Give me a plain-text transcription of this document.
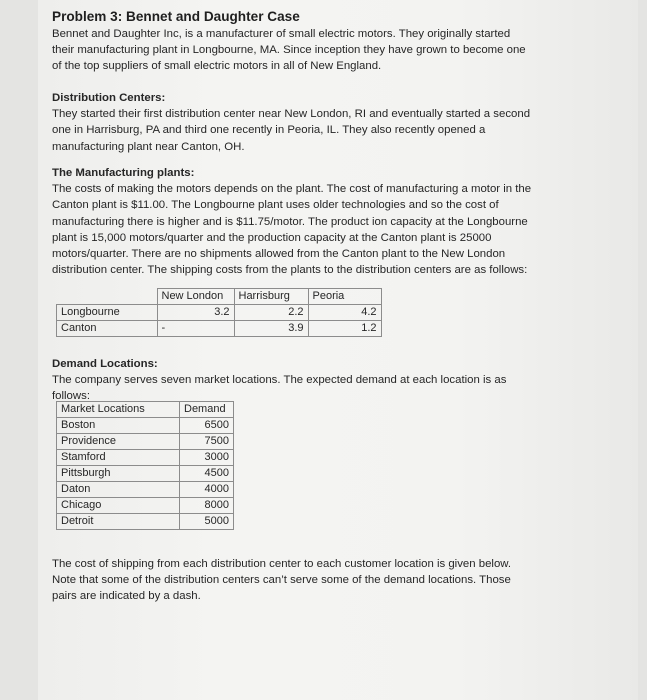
Problem 3: Bennet and Daughter Case
Bennet and Daughter Inc, is a manufacturer of small electric motors. They originally started
their manufacturing plant in Longbourne, MA. Since inception they have grown to become one
of the top suppliers of small electric motors in all of New England.
Distribution Centers:
They started their first distribution center near New London, RI and eventually started a second
one in Harrisburg, PA and third one recently in Peoria, IL. They also recently opened a
manufacturing plant near Canton, OH.
The Manufacturing plants:
The costs of making the motors depends on the plant. The cost of manufacturing a motor in the
Canton plant is $11.00. The Longbourne plant uses older technologies and so the cost of
manufacturing there is higher and is $11.75/motor. The product ion capacity at the Longbourne
plant is 15,000 motors/quarter and the production capacity at the Canton plant is 25000
motors/quarter. There are no shipments allowed from the Canton plant to the New London
distribution center. The shipping costs from the plants to the distribution centers are as follows:
	New London	Harrisburg	Peoria
Longbourne	3.2	2.2	4.2
Canton	-	3.9	1.2
Demand Locations:
The company serves seven market locations. The expected demand at each location is as
follows:
Market Locations	Demand
Boston	6500
Providence	7500
Stamford	3000
Pittsburgh	4500
Daton	4000
Chicago	8000
Detroit	5000
The cost of shipping from each distribution center to each customer location is given below.
Note that some of the distribution centers can’t serve some of the demand locations. Those
pairs are indicated by a dash.
